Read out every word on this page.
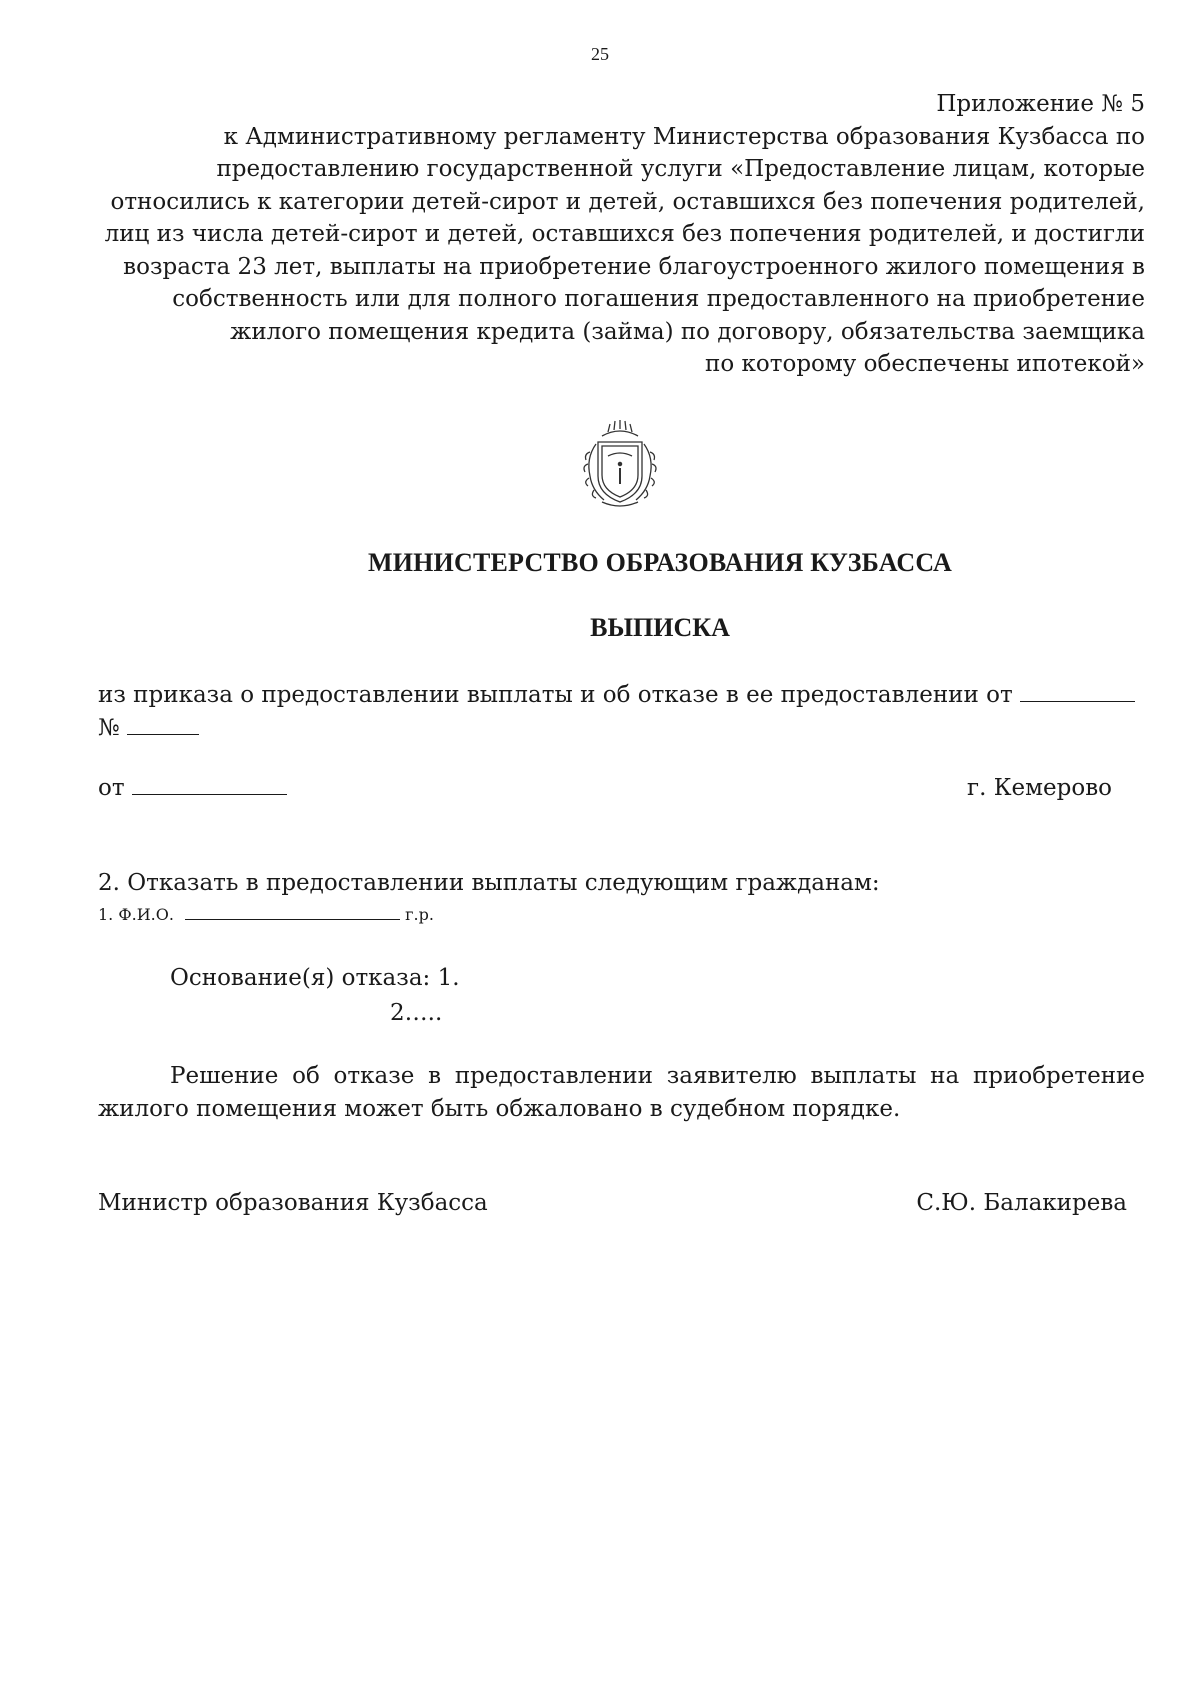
25
Приложение № 5
к Административному регламенту Министерства образования Кузбасса по
предоставлению государственной услуги «Предоставление лицам, которые
относились к категории детей-сирот и детей, оставшихся без попечения родителей,
лиц из числа детей-сирот и детей, оставшихся без попечения родителей, и достигли
возраста 23 лет, выплаты на приобретение благоустроенного жилого помещения в
собственность или для полного погашения предоставленного на приобретение
жилого помещения кредита (займа) по договору, обязательства заемщика
по которому обеспечены ипотекой»
МИНИСТЕРСТВО ОБРАЗОВАНИЯ КУЗБАССА
ВЫПИСКА
из приказа о предоставлении выплаты и об отказе в ее предоставлении от
№
от	г. Кемерово
2. Отказать в предоставлении выплаты следующим гражданам:
1. Ф.И.О.	г.р.
Основание(я) отказа: 1.
2…..
Решение об отказе в предоставлении заявителю выплаты на приобретение жилого помещения может быть обжаловано в судебном порядке.
Министр образования Кузбасса	С.Ю. Балакирева
